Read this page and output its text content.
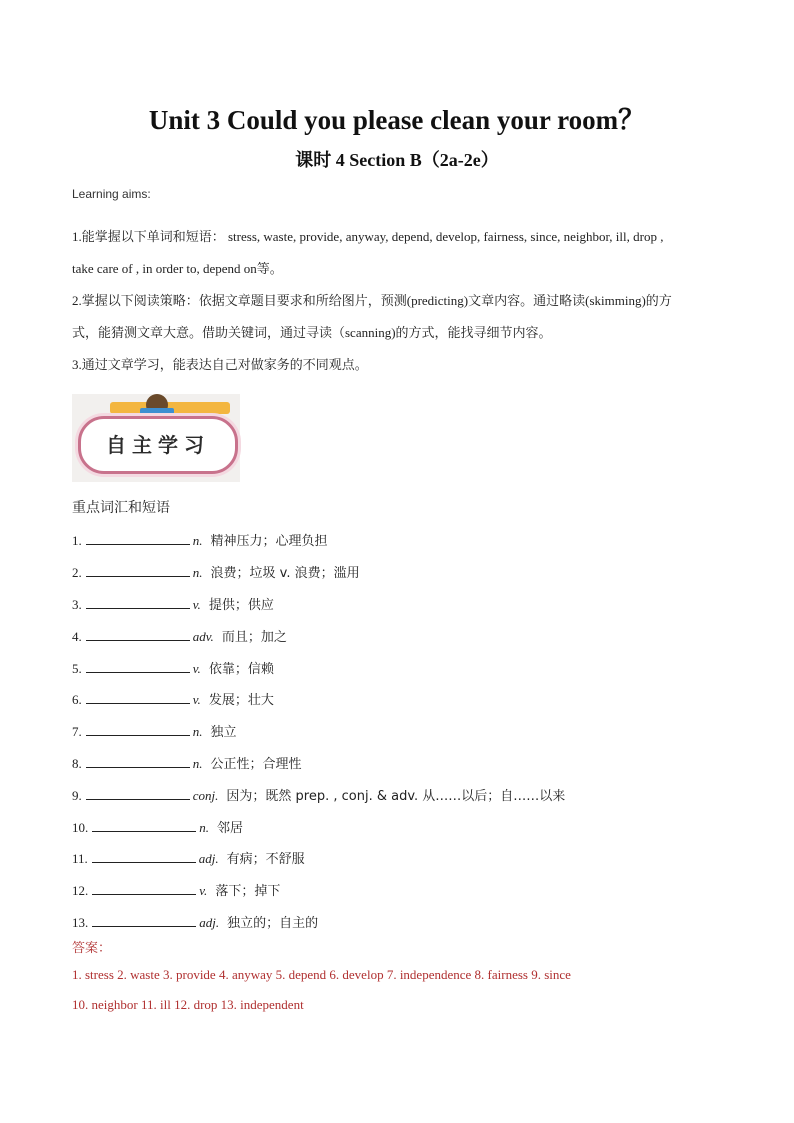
Unit 3 Could you please clean your room？
课时 4 Section B（2a-2e）
Learning aims:
1.能掌握以下单词和短语： stress, waste, provide, anyway, depend, develop, fairness, since, neighbor, ill, drop ,
take care of , in order to, depend on等。
2.掌握以下阅读策略：依据文章题目要求和所给图片，预测(predicting)文章内容。通过略读(skimming)的方
式，能猜测文章大意。借助关键词，通过寻读（scanning)的方式，能找寻细节内容。
3.通过文章学习，能表达自己对做家务的不同观点。
自主学习
重点词汇和短语
1.	n. 精神压力；心理负担
2.	n. 浪费；垃圾 v. 浪费；滥用
3.	v. 提供；供应
4.	adv. 而且；加之
5.	v. 依靠；信赖
6.	v. 发展；壮大
7.	n. 独立
8.	n. 公正性；合理性
9.	conj. 因为；既然 prep. , conj. & adv. 从……以后；自……以来
10.	n. 邻居
11.	adj. 有病；不舒服
12.	v. 落下；掉下
13.	adj. 独立的；自主的
答案：
1. stress 2. waste 3. provide 4. anyway 5. depend 6. develop 7. independence 8. fairness 9. since
10. neighbor 11. ill 12. drop 13. independent
